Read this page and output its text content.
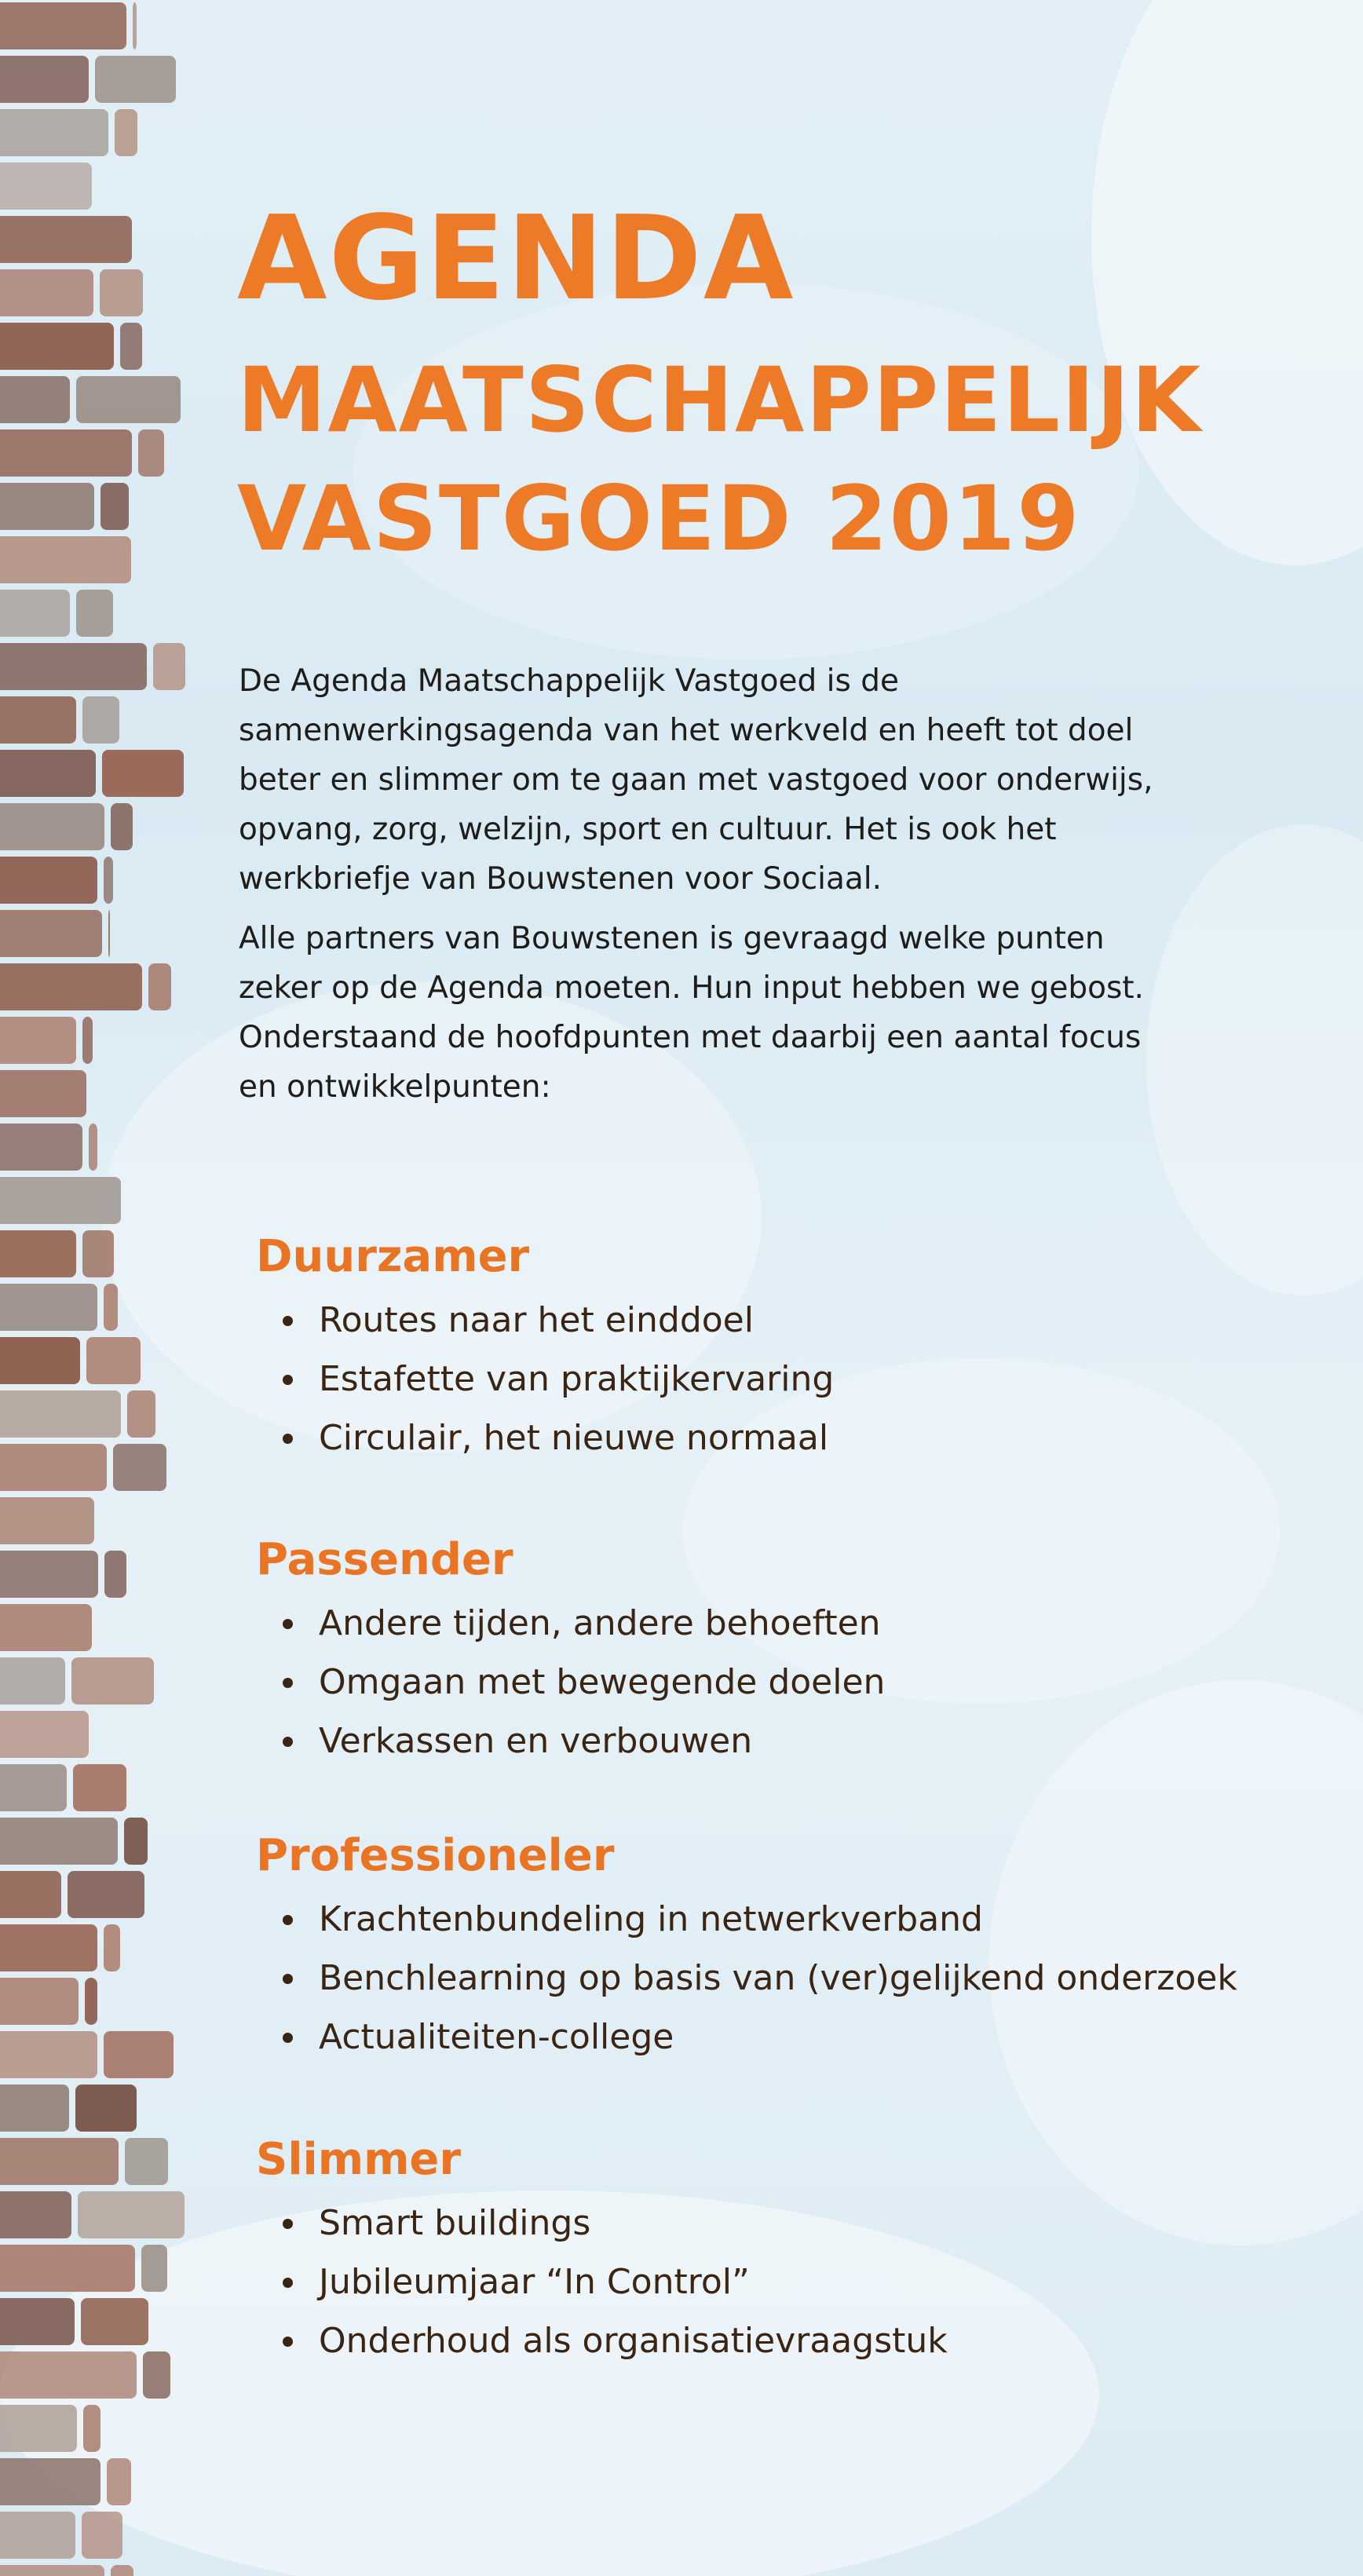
AGENDA
MAATSCHAPPELIJK
VASTGOED 2019

De Agenda Maatschappelijk Vastgoed is de samenwerkingsagenda van het werkveld en heeft tot doel beter en slimmer om te gaan met vastgoed voor onderwijs, opvang, zorg, welzijn, sport en cultuur. Het is ook het werkbriefje van Bouwstenen voor Sociaal.

Alle partners van Bouwstenen is gevraagd welke punten zeker op de Agenda moeten. Hun input hebben we gebost. Onderstaand de hoofdpunten met daarbij een aantal focus en ontwikkelpunten:

Duurzamer
Routes naar het einddoel
Estafette van praktijkervaring
Circulair, het nieuwe normaal
Passender
Andere tijden, andere behoeften
Omgaan met bewegende doelen
Verkassen en verbouwen
Professioneler
Krachtenbundeling in netwerkverband
Benchlearning op basis van (ver)gelijkend onderzoek
Actualiteiten-college
Slimmer
Smart buildings
Jubileumjaar “In Control”
Onderhoud als organisatievraagstuk
